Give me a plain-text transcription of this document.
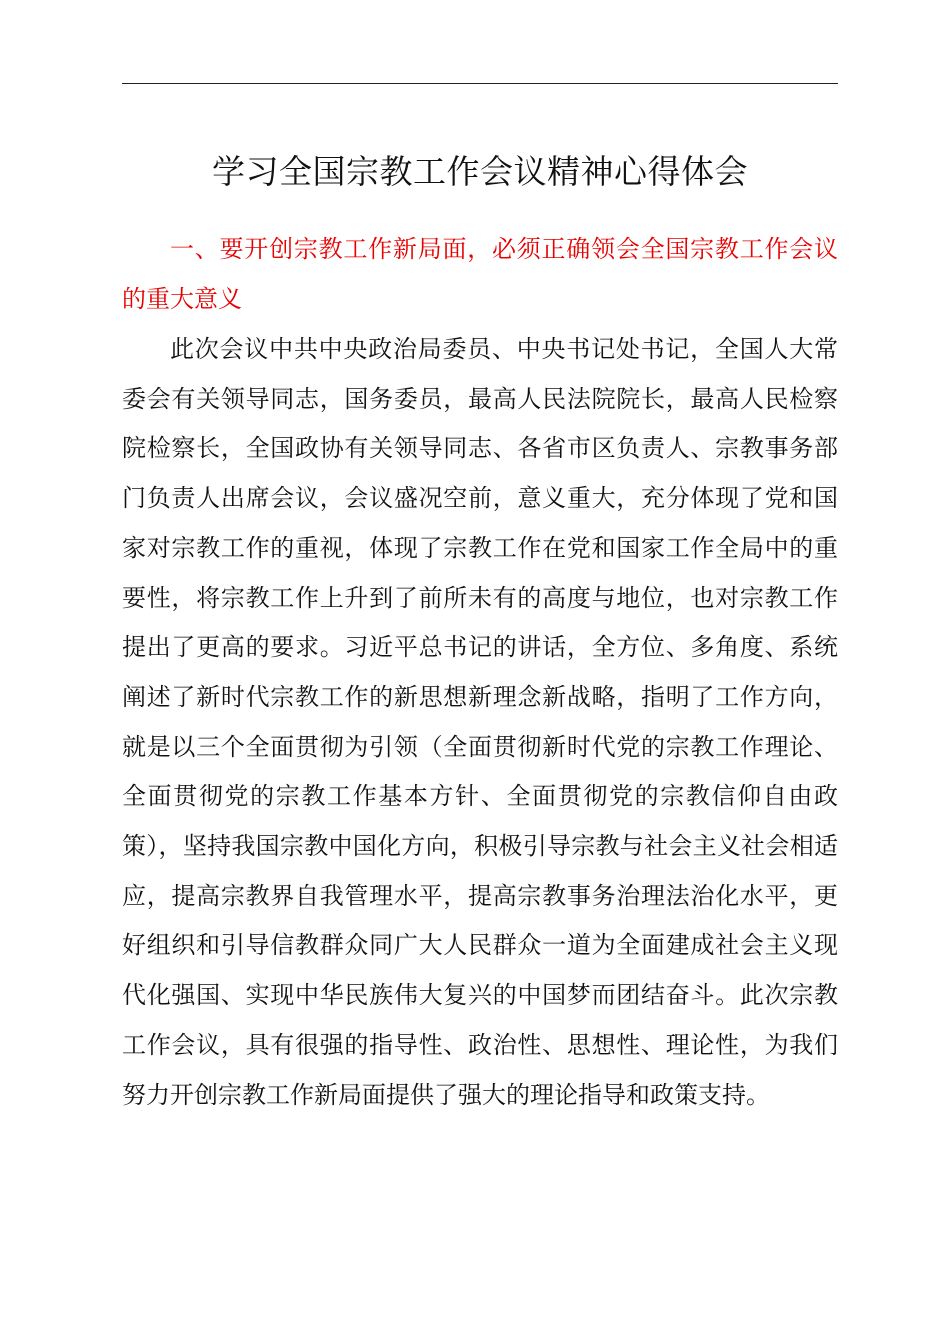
学习全国宗教工作会议精神心得体会

一、要开创宗教工作新局面，必须正确领会全国宗教工作会议的重大意义

此次会议中共中央政治局委员、中央书记处书记，全国人大常委会有关领导同志，国务委员，最高人民法院院长，最高人民检察院检察长，全国政协有关领导同志、各省市区负责人、宗教事务部门负责人出席会议，会议盛况空前，意义重大，充分体现了党和国家对宗教工作的重视，体现了宗教工作在党和国家工作全局中的重要性，将宗教工作上升到了前所未有的高度与地位，也对宗教工作提出了更高的要求。习近平总书记的讲话，全方位、多角度、系统阐述了新时代宗教工作的新思想新理念新战略，指明了工作方向，就是以三个全面贯彻为引领（全面贯彻新时代党的宗教工作理论、全面贯彻党的宗教工作基本方针、全面贯彻党的宗教信仰自由政策），坚持我国宗教中国化方向，积极引导宗教与社会主义社会相适应，提高宗教界自我管理水平，提高宗教事务治理法治化水平，更好组织和引导信教群众同广大人民群众一道为全面建成社会主义现代化强国、实现中华民族伟大复兴的中国梦而团结奋斗。此次宗教工作会议，具有很强的指导性、政治性、思想性、理论性，为我们努力开创宗教工作新局面提供了强大的理论指导和政策支持。
